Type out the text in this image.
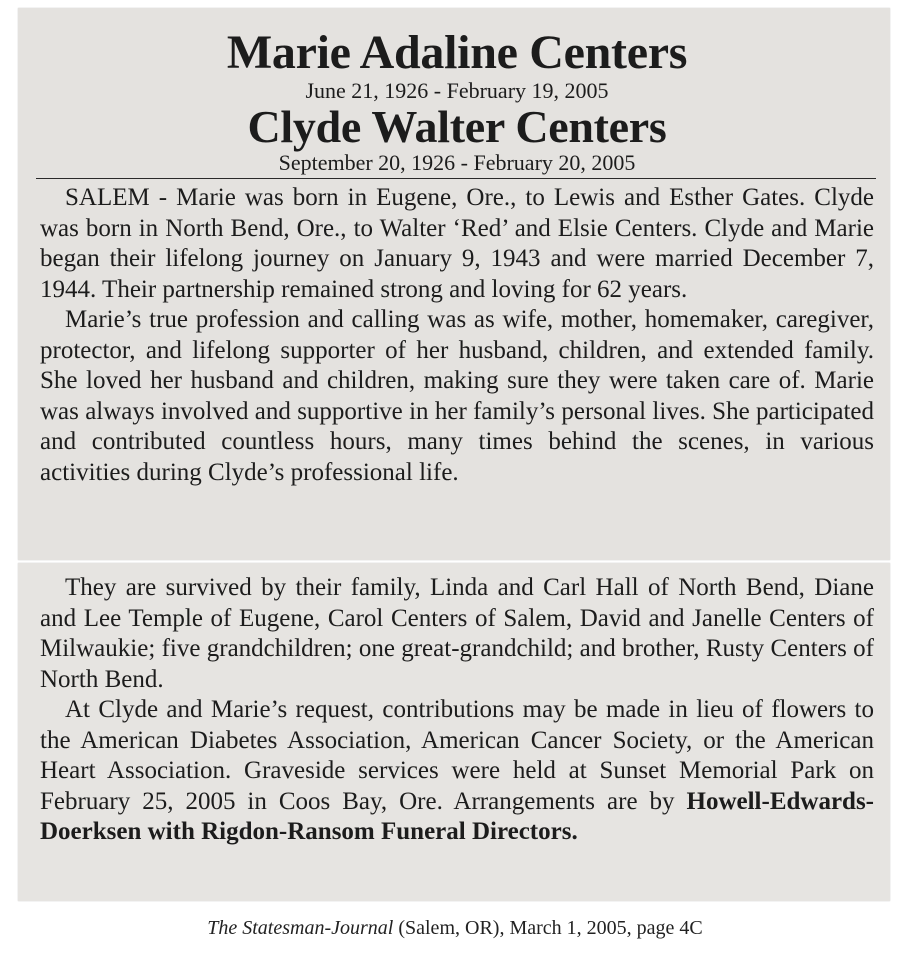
Marie Adaline Centers

June 21, 1926 - February 19, 2005

Clyde Walter Centers

September 20, 1926 - February 20, 2005

SALEM - Marie was born in Eugene, Ore., to Lewis and Esther Gates. Clyde was born in North Bend, Ore., to Walter ‘Red’ and Elsie Centers. Clyde and Marie began their lifelong journey on January 9, 1943 and were married December 7, 1944. Their partnership remained strong and loving for 62 years.

Marie’s true profession and calling was as wife, mother, homemaker, caregiver, protector, and lifelong supporter of her husband, children, and extended family. She loved her husband and children, making sure they were taken care of. Marie was always involved and supportive in her family’s personal lives. She participated and contributed countless hours, many times behind the scenes, in various activities during Clyde’s professional life.

They are survived by their family, Linda and Carl Hall of North Bend, Diane and Lee Temple of Eugene, Carol Centers of Salem, David and Janelle Centers of Milwaukie; five grandchildren; one great-grandchild; and brother, Rusty Centers of North Bend.

At Clyde and Marie’s request, contributions may be made in lieu of flowers to the American Diabetes Association, American Cancer Society, or the American Heart Association. Graveside services were held at Sunset Memorial Park on February 25, 2005 in Coos Bay, Ore. Arrangements are by Howell-Edwards-Doerksen with Rigdon-Ransom Funeral Directors.

The Statesman-Journal (Salem, OR), March 1, 2005, page 4C
